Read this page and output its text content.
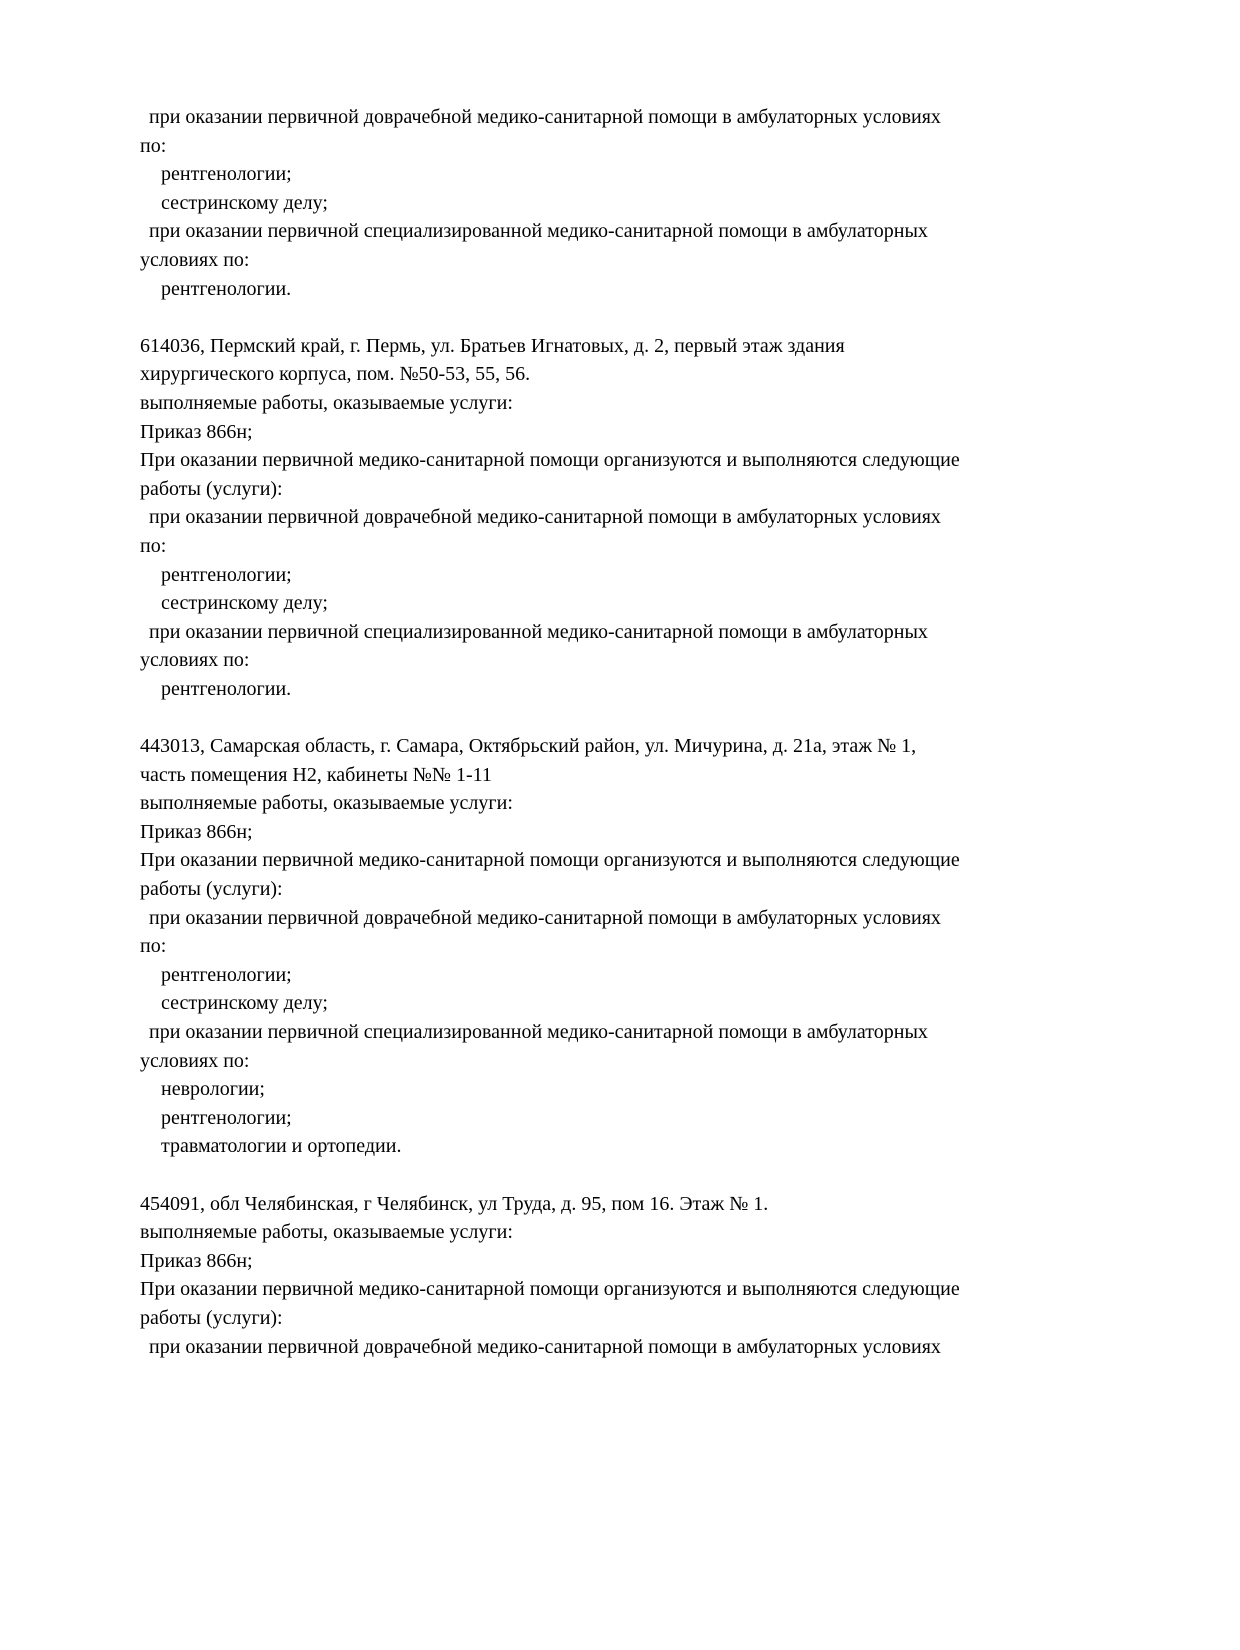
при оказании первичной доврачебной медико-санитарной помощи в амбулаторных условиях
по:
рентгенологии;
сестринскому делу;
при оказании первичной специализированной медико-санитарной помощи в амбулаторных
условиях по:
рентгенологии.

614036, Пермский край, г. Пермь, ул. Братьев Игнатовых, д. 2, первый этаж здания
хирургического корпуса, пом. №50-53, 55, 56.
выполняемые работы, оказываемые услуги:
Приказ 866н;
При оказании первичной медико-санитарной помощи организуются и выполняются следующие
работы (услуги):
при оказании первичной доврачебной медико-санитарной помощи в амбулаторных условиях
по:
рентгенологии;
сестринскому делу;
при оказании первичной специализированной медико-санитарной помощи в амбулаторных
условиях по:
рентгенологии.

443013, Самарская область, г. Самара, Октябрьский район, ул. Мичурина, д. 21а, этаж № 1,
часть помещения Н2, кабинеты №№ 1-11
выполняемые работы, оказываемые услуги:
Приказ 866н;
При оказании первичной медико-санитарной помощи организуются и выполняются следующие
работы (услуги):
при оказании первичной доврачебной медико-санитарной помощи в амбулаторных условиях
по:
рентгенологии;
сестринскому делу;
при оказании первичной специализированной медико-санитарной помощи в амбулаторных
условиях по:
неврологии;
рентгенологии;
травматологии и ортопедии.

454091, обл Челябинская, г Челябинск, ул Труда, д. 95, пом 16. Этаж № 1.
выполняемые работы, оказываемые услуги:
Приказ 866н;
При оказании первичной медико-санитарной помощи организуются и выполняются следующие
работы (услуги):
при оказании первичной доврачебной медико-санитарной помощи в амбулаторных условиях
